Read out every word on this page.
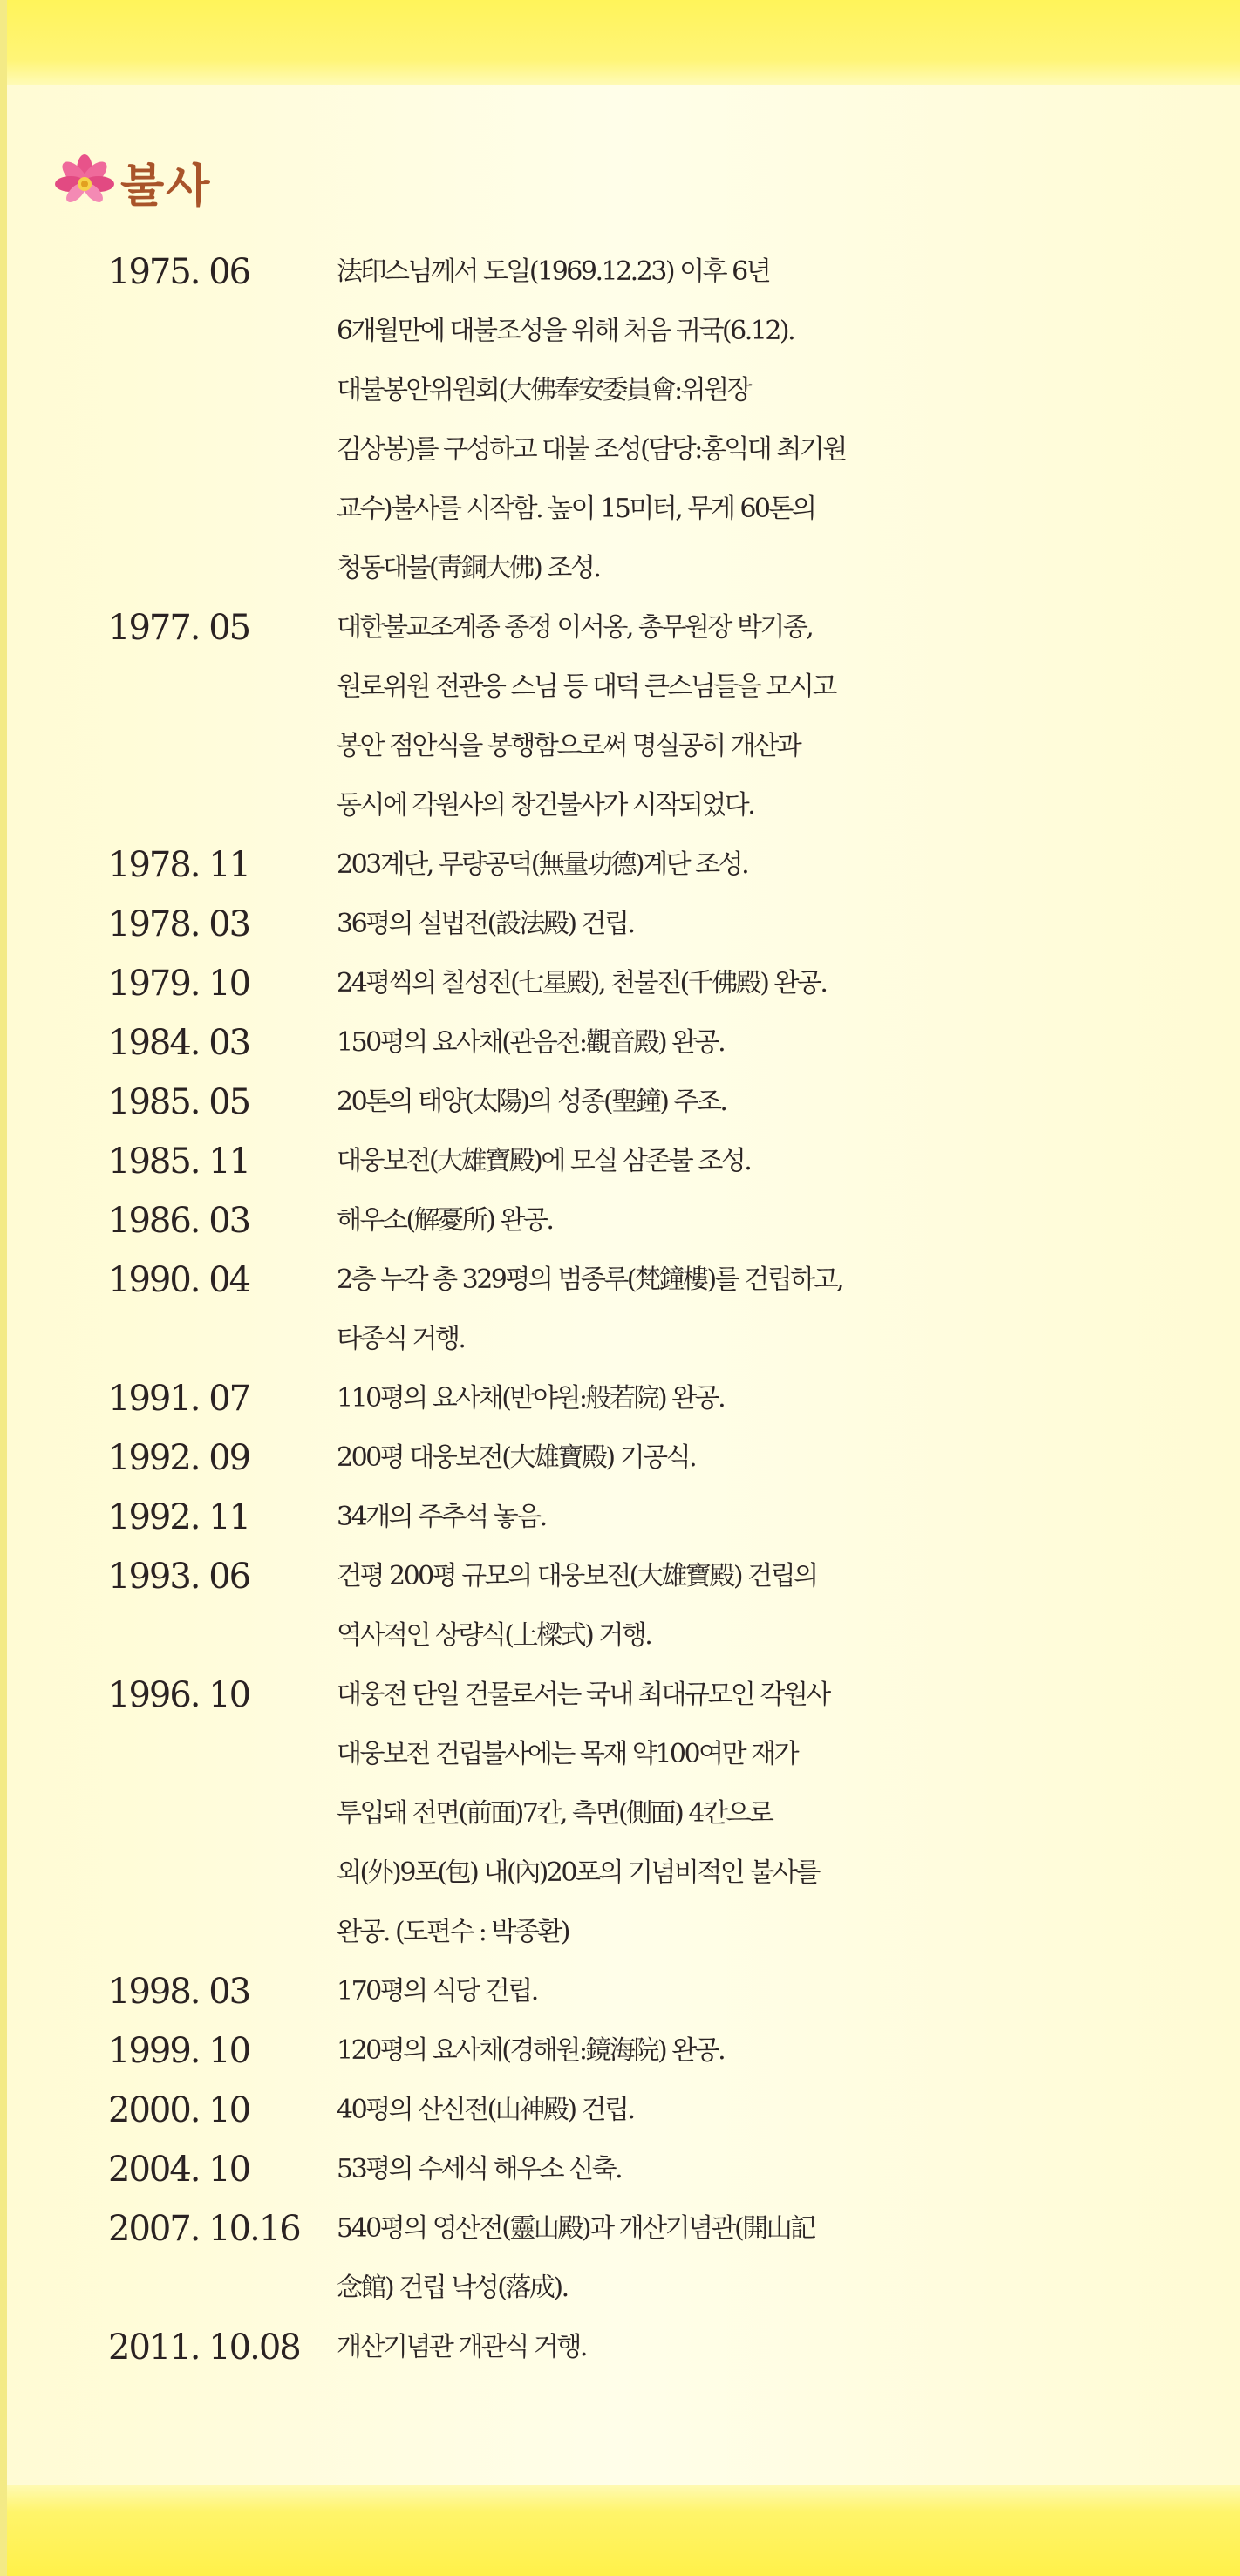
불사
1975. 06	法印스님께서 도일(1969.12.23) 이후 6년
6개월만에 대불조성을 위해 처음 귀국(6.12).
대불봉안위원회(大佛奉安委員會:위원장
김상봉)를 구성하고 대불 조성(담당:홍익대 최기원
교수)불사를 시작함. 높이 15미터, 무게 60톤의
청동대불(靑銅大佛) 조성.
1977. 05	대한불교조계종 종정 이서옹, 총무원장 박기종,
원로위원 전관응 스님 등 대덕 큰스님들을 모시고
봉안 점안식을 봉행함으로써 명실공히 개산과
동시에 각원사의 창건불사가 시작되었다.
1978. 11	203계단, 무량공덕(無量功德)계단 조성.
1978. 03	36평의 설법전(設法殿) 건립.
1979. 10	24평씩의 칠성전(七星殿), 천불전(千佛殿) 완공.
1984. 03	150평의 요사채(관음전:觀音殿) 완공.
1985. 05	20톤의 태양(太陽)의 성종(聖鐘) 주조.
1985. 11	대웅보전(大雄寶殿)에 모실 삼존불 조성.
1986. 03	해우소(解憂所) 완공.
1990. 04	2층 누각 총 329평의 범종루(梵鐘樓)를 건립하고,
타종식 거행.
1991. 07	110평의 요사채(반야원:般若院) 완공.
1992. 09	200평 대웅보전(大雄寶殿) 기공식.
1992. 11	34개의 주추석 놓음.
1993. 06	건평 200평 규모의 대웅보전(大雄寶殿) 건립의
역사적인 상량식(上樑式) 거행.
1996. 10	대웅전 단일 건물로서는 국내 최대규모인 각원사
대웅보전 건립불사에는 목재 약100여만 재가
투입돼 전면(前面)7칸, 측면(側面) 4칸으로
외(外)9포(包) 내(內)20포의 기념비적인 불사를
완공. (도편수 : 박종환)
1998. 03	170평의 식당 건립.
1999. 10	120평의 요사채(경해원:鏡海院) 완공.
2000. 10	40평의 산신전(山神殿) 건립.
2004. 10	53평의 수세식 해우소 신축.
2007. 10.16	540평의 영산전(靈山殿)과 개산기념관(開山記
念館) 건립 낙성(落成).
2011. 10.08	개산기념관 개관식 거행.
